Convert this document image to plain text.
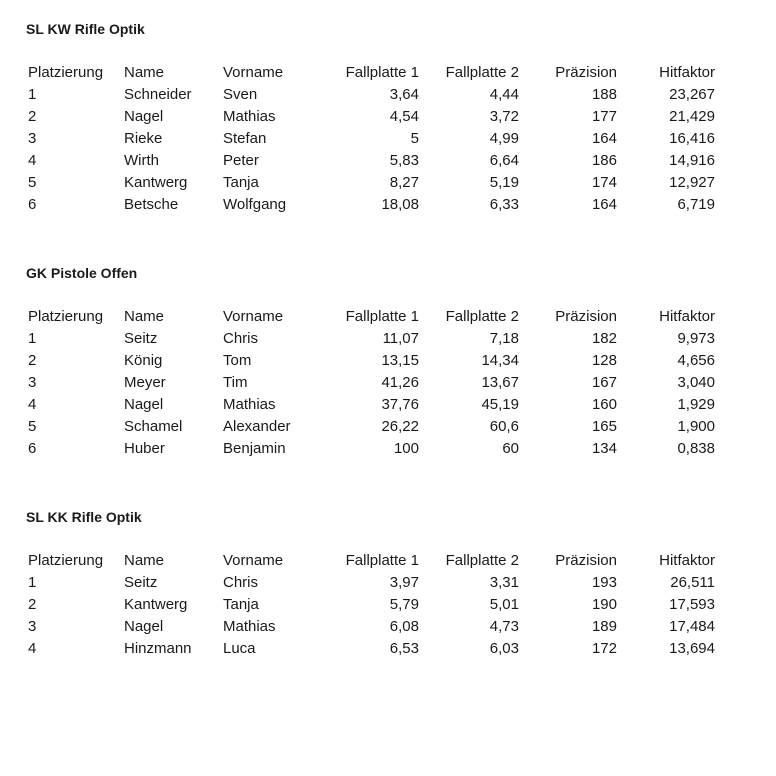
SL KW Rifle Optik
Platzierung	Name	Vorname	Fallplatte 1	Fallplatte 2	Präzision	Hitfaktor
1	Schneider	Sven	3,64	4,44	188	23,267
2	Nagel	Mathias	4,54	3,72	177	21,429
3	Rieke	Stefan	5	4,99	164	16,416
4	Wirth	Peter	5,83	6,64	186	14,916
5	Kantwerg	Tanja	8,27	5,19	174	12,927
6	Betsche	Wolfgang	18,08	6,33	164	6,719
GK Pistole Offen
Platzierung	Name	Vorname	Fallplatte 1	Fallplatte 2	Präzision	Hitfaktor
1	Seitz	Chris	11,07	7,18	182	9,973
2	König	Tom	13,15	14,34	128	4,656
3	Meyer	Tim	41,26	13,67	167	3,040
4	Nagel	Mathias	37,76	45,19	160	1,929
5	Schamel	Alexander	26,22	60,6	165	1,900
6	Huber	Benjamin	100	60	134	0,838
SL KK Rifle Optik
Platzierung	Name	Vorname	Fallplatte 1	Fallplatte 2	Präzision	Hitfaktor
1	Seitz	Chris	3,97	3,31	193	26,511
2	Kantwerg	Tanja	5,79	5,01	190	17,593
3	Nagel	Mathias	6,08	4,73	189	17,484
4	Hinzmann	Luca	6,53	6,03	172	13,694
